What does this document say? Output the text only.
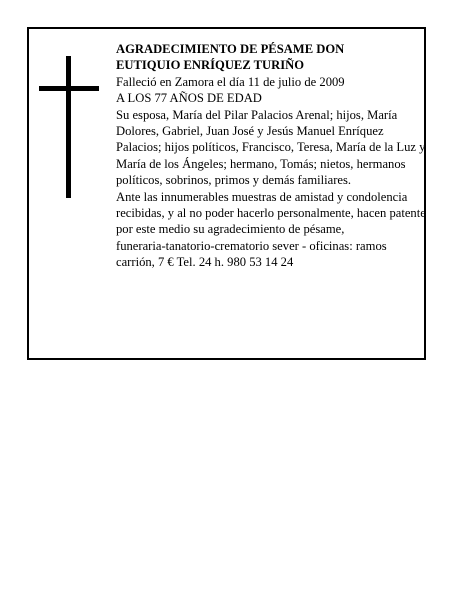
AGRADECIMIENTO DE PÉSAME DON

EUTIQUIO ENRÍQUEZ TURIÑO

Falleció en Zamora el día 11 de julio de 2009

A LOS 77 AÑOS DE EDAD

Su esposa, María del Pilar Palacios Arenal; hijos, María Dolores, Gabriel, Juan José y Jesús Manuel Enríquez Palacios; hijos políticos, Francisco, Teresa, María de la Luz y María de los Ángeles; hermano, Tomás; nietos, hermanos políticos, sobrinos, primos y demás familiares.

Ante las innumerables muestras de amistad y condolencia recibidas, y al no poder hacerlo personalmente, hacen patente por este medio su agradecimiento de pésame,

funeraria-tanatorio-crematorio sever - oficinas: ramos carrión, 7 € Tel. 24 h. 980 53 14 24
